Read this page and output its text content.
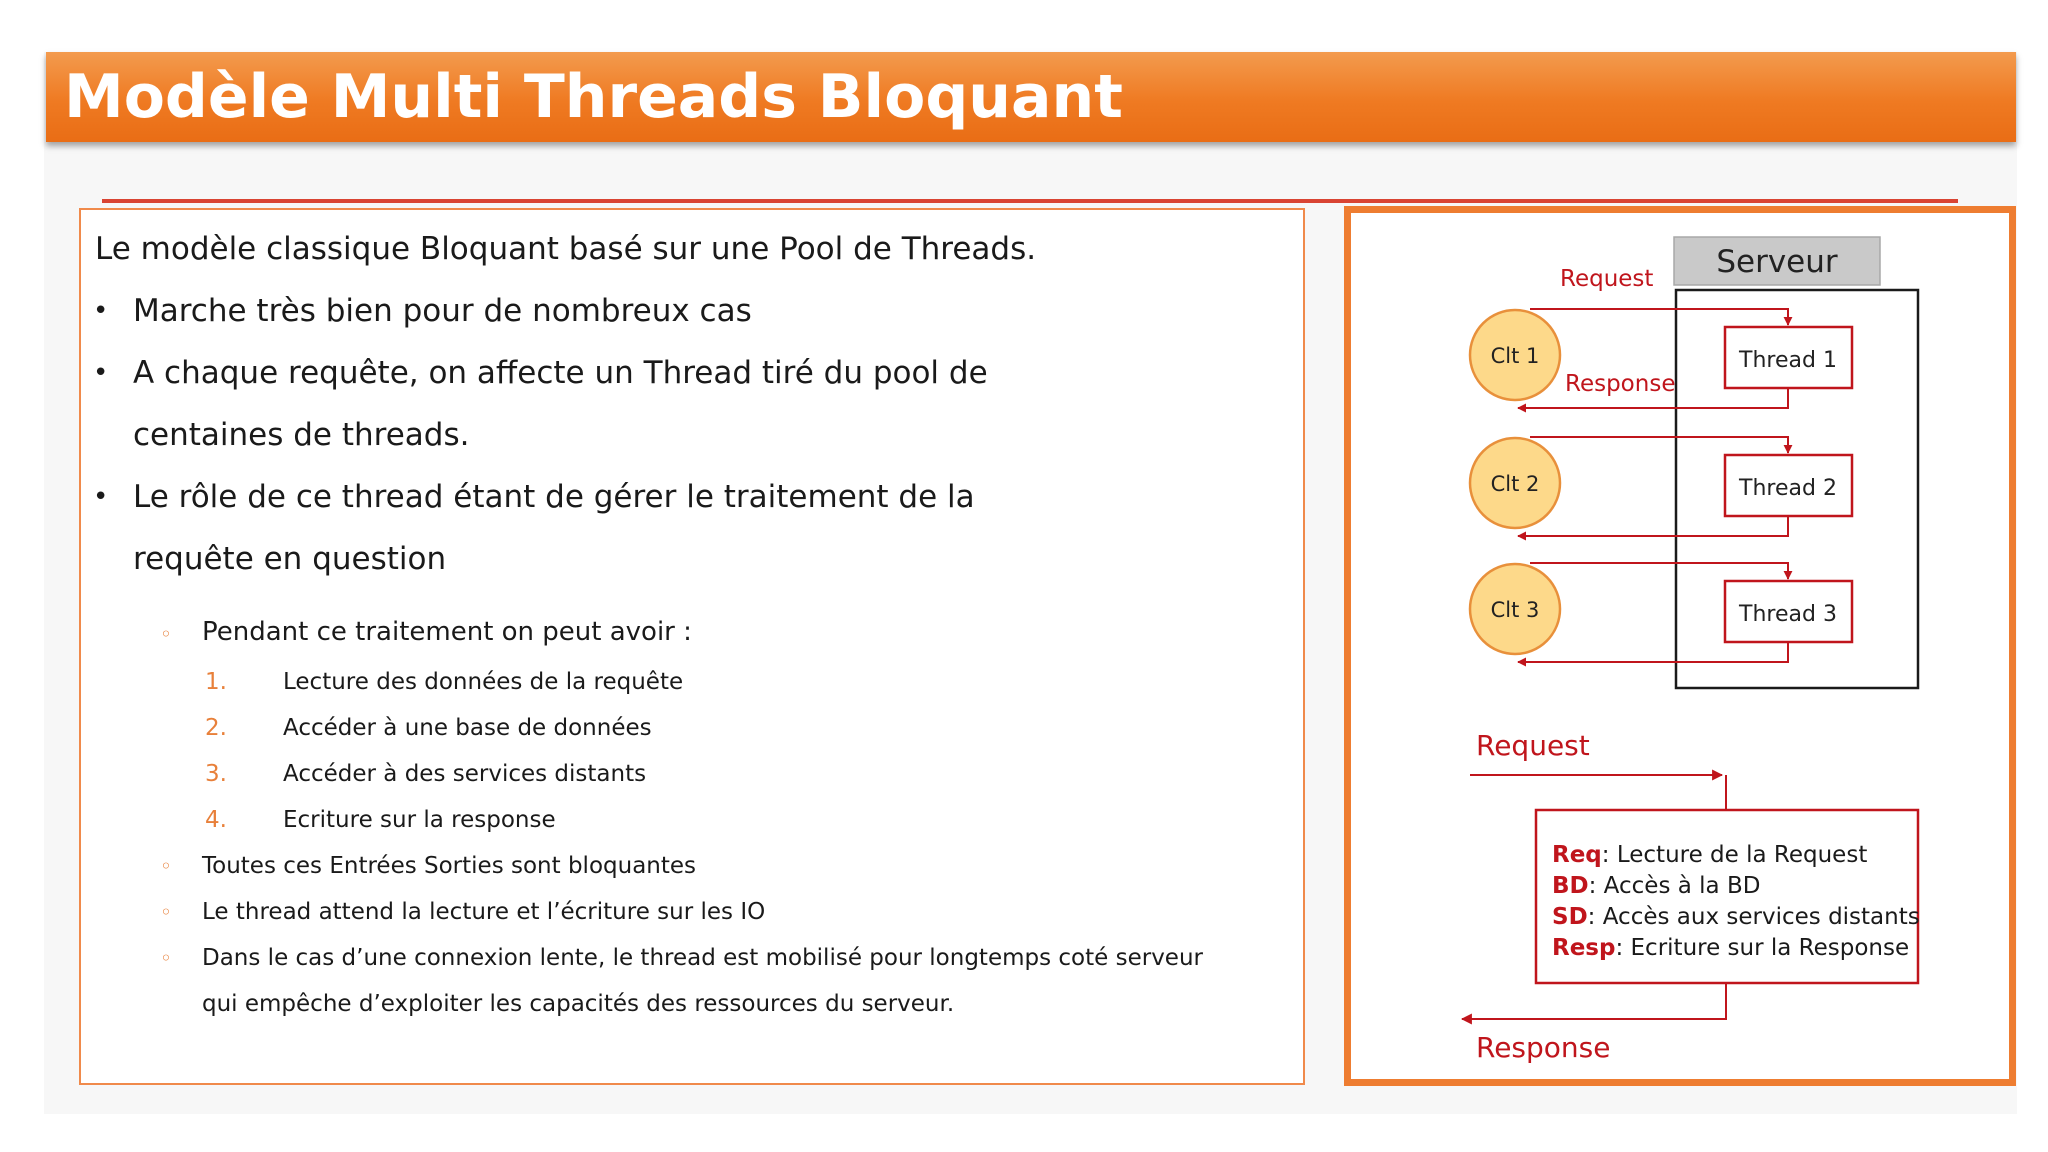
Modèle Multi Threads Bloquant

Le modèle classique Bloquant basé sur une Pool de Threads.

• Marche très bien pour de nombreux cas

• A chaque requête, on affecte un Thread tiré du pool de

centaines de threads.

• Le rôle de ce thread étant de gérer le traitement de la

requête en question

◦ Pendant ce traitement on peut avoir :

1. Lecture des données de la requête

2. Accéder à une base de données

3. Accéder à des services distants

4. Ecriture sur la response

◦ Toutes ces Entrées Sorties sont bloquantes

◦ Le thread attend la lecture et l’écriture sur les IO

◦ Dans le cas d’une connexion lente, le thread est mobilisé pour longtemps coté serveur

qui empêche d’exploiter les capacités des ressources du serveur.

Serveur
Request
Response
Clt 1
Clt 2
Clt 3
Thread 1
Thread 2
Thread 3
Request
Req: Lecture de la Request
BD: Accès à la BD
SD: Accès aux services distants
Resp: Ecriture sur la Response
Response
